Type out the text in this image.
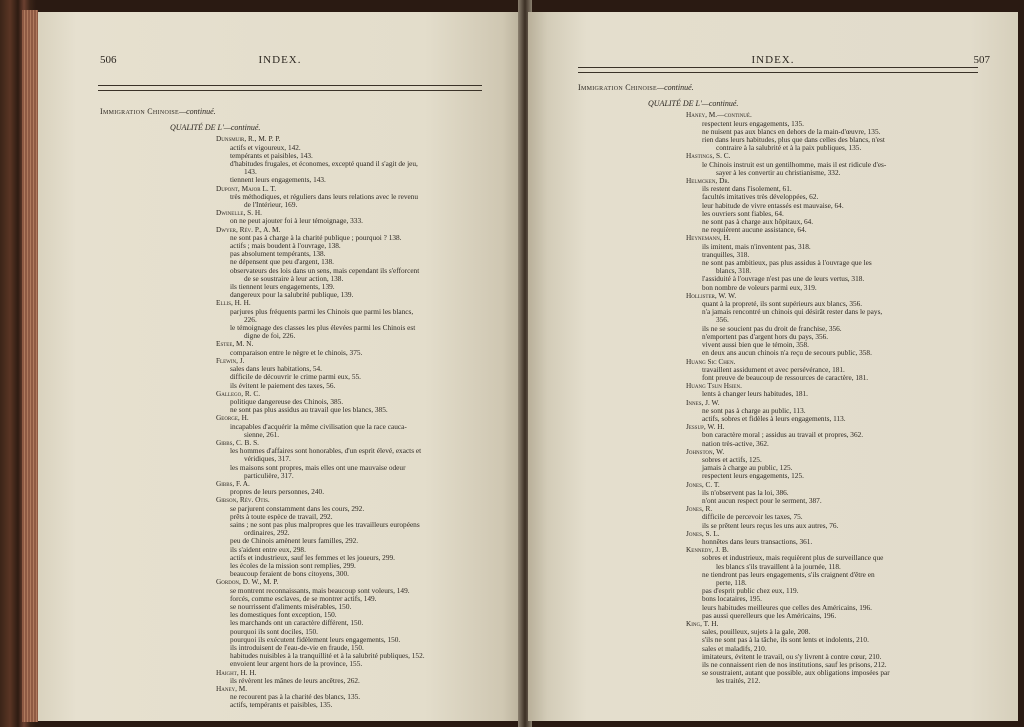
506	INDEX.
Immigration Chinoise—continué.
QUALITÉ DE L'—continué.
Dunsmuir, R., M. P. P.
actifs et vigoureux, 142.
tempérants et paisibles, 143.
d'habitudes frugales, et économes, excepté quand il s'agit de jeu,
143.
tiennent leurs engagements, 143.
Dupont, Major L. T.
très méthodiques, et réguliers dans leurs relations avec le revenu
de l'Intérieur, 169.
Dwinelle, S. H.
on ne peut ajouter foi à leur témoignage, 333.
Dwyer, Rév. P., A. M.
ne sont pas à charge à la charité publique ; pourquoi ? 138.
actifs ; mais boudent à l'ouvrage, 138.
pas absolument tempérants, 138.
ne dépensent que peu d'argent, 138.
observateurs des lois dans un sens, mais cependant ils s'efforcent
de se soustraire à leur action, 138.
ils tiennent leurs engagements, 139.
dangereux pour la salubrité publique, 139.
Ellis, H. H.
parjures plus fréquents parmi les Chinois que parmi les blancs,
226.
le témoignage des classes les plus élevées parmi les Chinois est
digne de foi, 226.
Estee, M. N.
comparaison entre le nègre et le chinois, 375.
Flewin, J.
sales dans leurs habitations, 54.
difficile de découvrir le crime parmi eux, 55.
ils évitent le paiement des taxes, 56.
Gallego, R. C.
politique dangereuse des Chinois, 385.
ne sont pas plus assidus au travail que les blancs, 385.
George, H.
incapables d'acquérir la même civilisation que la race cauca-
sienne, 261.
Gibbs, C. B. S.
les hommes d'affaires sont honorables, d'un esprit élevé, exacts et
véridiques, 317.
les maisons sont propres, mais elles ont une mauvaise odeur
particulière, 317.
Gibbs, F. A.
propres de leurs personnes, 240.
Gibson, Rév. Otis.
se parjurent constamment dans les cours, 292.
prêts à toute espèce de travail, 292.
sains ; ne sont pas plus malpropres que les travailleurs européens
ordinaires, 292.
peu de Chinois amènent leurs familles, 292.
ils s'aident entre eux, 298.
actifs et industrieux, sauf les femmes et les joueurs, 299.
les écoles de la mission sont remplies, 299.
beaucoup feraient de bons citoyens, 300.
Gordon, D. W., M. P.
se montrent reconnaissants, mais beaucoup sont voleurs, 149.
forcés, comme esclaves, de se montrer actifs, 149.
se nourrissent d'aliments misérables, 150.
les domestiques font exception, 150.
les marchands ont un caractère différent, 150.
pourquoi ils sont dociles, 150.
pourquoi ils exécutent fidèlement leurs engagements, 150.
ils introduisent de l'eau-de-vie en fraude, 150.
habitudes nuisibles à la tranquillité et à la salubrité publiques, 152.
envoient leur argent hors de la province, 155.
Haight, H. H.
ils révèrent les mânes de leurs ancêtres, 262.
Haney, M.
ne recourent pas à la charité des blancs, 135.
actifs, tempérants et paisibles, 135.
INDEX.	507
Immigration Chinoise—continué.
QUALITÉ DE L'—continué.
Haney, M.—continué.
respectent leurs engagements, 135.
ne nuisent pas aux blancs en dehors de la main-d'œuvre, 135.
rien dans leurs habitudes, plus que dans celles des blancs, n'est
contraire à la salubrité et à la paix publiques, 135.
Hastings, S. C.
le Chinois instruit est un gentilhomme, mais il est ridicule d'es-
sayer à les convertir au christianisme, 332.
Helmcken, Dr.
ils restent dans l'isolement, 61.
facultés imitatives très développées, 62.
leur habitude de vivre entassés est mauvaise, 64.
les ouvriers sont fiables, 64.
ne sont pas à charge aux hôpitaux, 64.
ne requièrent aucune assistance, 64.
Heynemann, H.
ils imitent, mais n'inventent pas, 318.
tranquilles, 318.
ne sont pas ambitieux, pas plus assidus à l'ouvrage que les
blancs, 318.
l'assiduité à l'ouvrage n'est pas une de leurs vertus, 318.
bon nombre de voleurs parmi eux, 319.
Hollister, W. W.
quant à la propreté, ils sont supérieurs aux blancs, 356.
n'a jamais rencontré un chinois qui désirât rester dans le pays,
356.
ils ne se soucient pas du droit de franchise, 356.
n'emportent pas d'argent hors du pays, 356.
vivent aussi bien que le témoin, 358.
en deux ans aucun chinois n'a reçu de secours public, 358.
Huang Sic Chen.
travaillent assidument et avec persévérance, 181.
font preuve de beaucoup de ressources de caractère, 181.
Huang Tsun Hsien.
lents à changer leurs habitudes, 181.
Innes, J. W.
ne sont pas à charge au public, 113.
actifs, sobres et fidèles à leurs engagements, 113.
Jessup, W. H.
bon caractère moral ; assidus au travail et propres, 362.
nation très-active, 362.
Johnston, W.
sobres et actifs, 125.
jamais à charge au public, 125.
respectent leurs engagements, 125.
Jones, C. T.
ils n'observent pas la loi, 386.
n'ont aucun respect pour le serment, 387.
Jones, R.
difficile de percevoir les taxes, 75.
ils se prêtent leurs reçus les uns aux autres, 76.
Jones, S. L.
honnêtes dans leurs transactions, 361.
Kennedy, J. B.
sobres et industrieux, mais requièrent plus de surveillance que
les blancs s'ils travaillent à la journée, 118.
ne tiendront pas leurs engagements, s'ils craignent d'être en
perte, 118.
pas d'esprit public chez eux, 119.
bons locataires, 195.
leurs habitudes meilleures que celles des Américains, 196.
pas aussi querelleurs que les Américains, 196.
King, T. H.
sales, pouilleux, sujets à la gale, 208.
s'ils ne sont pas à la tâche, ils sont lents et indolents, 210.
sales et maladifs, 210.
imitateurs, évitent le travail, ou s'y livrent à contre cœur, 210.
ils ne connaissent rien de nos institutions, sauf les prisons, 212.
se soustraient, autant que possible, aux obligations imposées par
les traités, 212.
